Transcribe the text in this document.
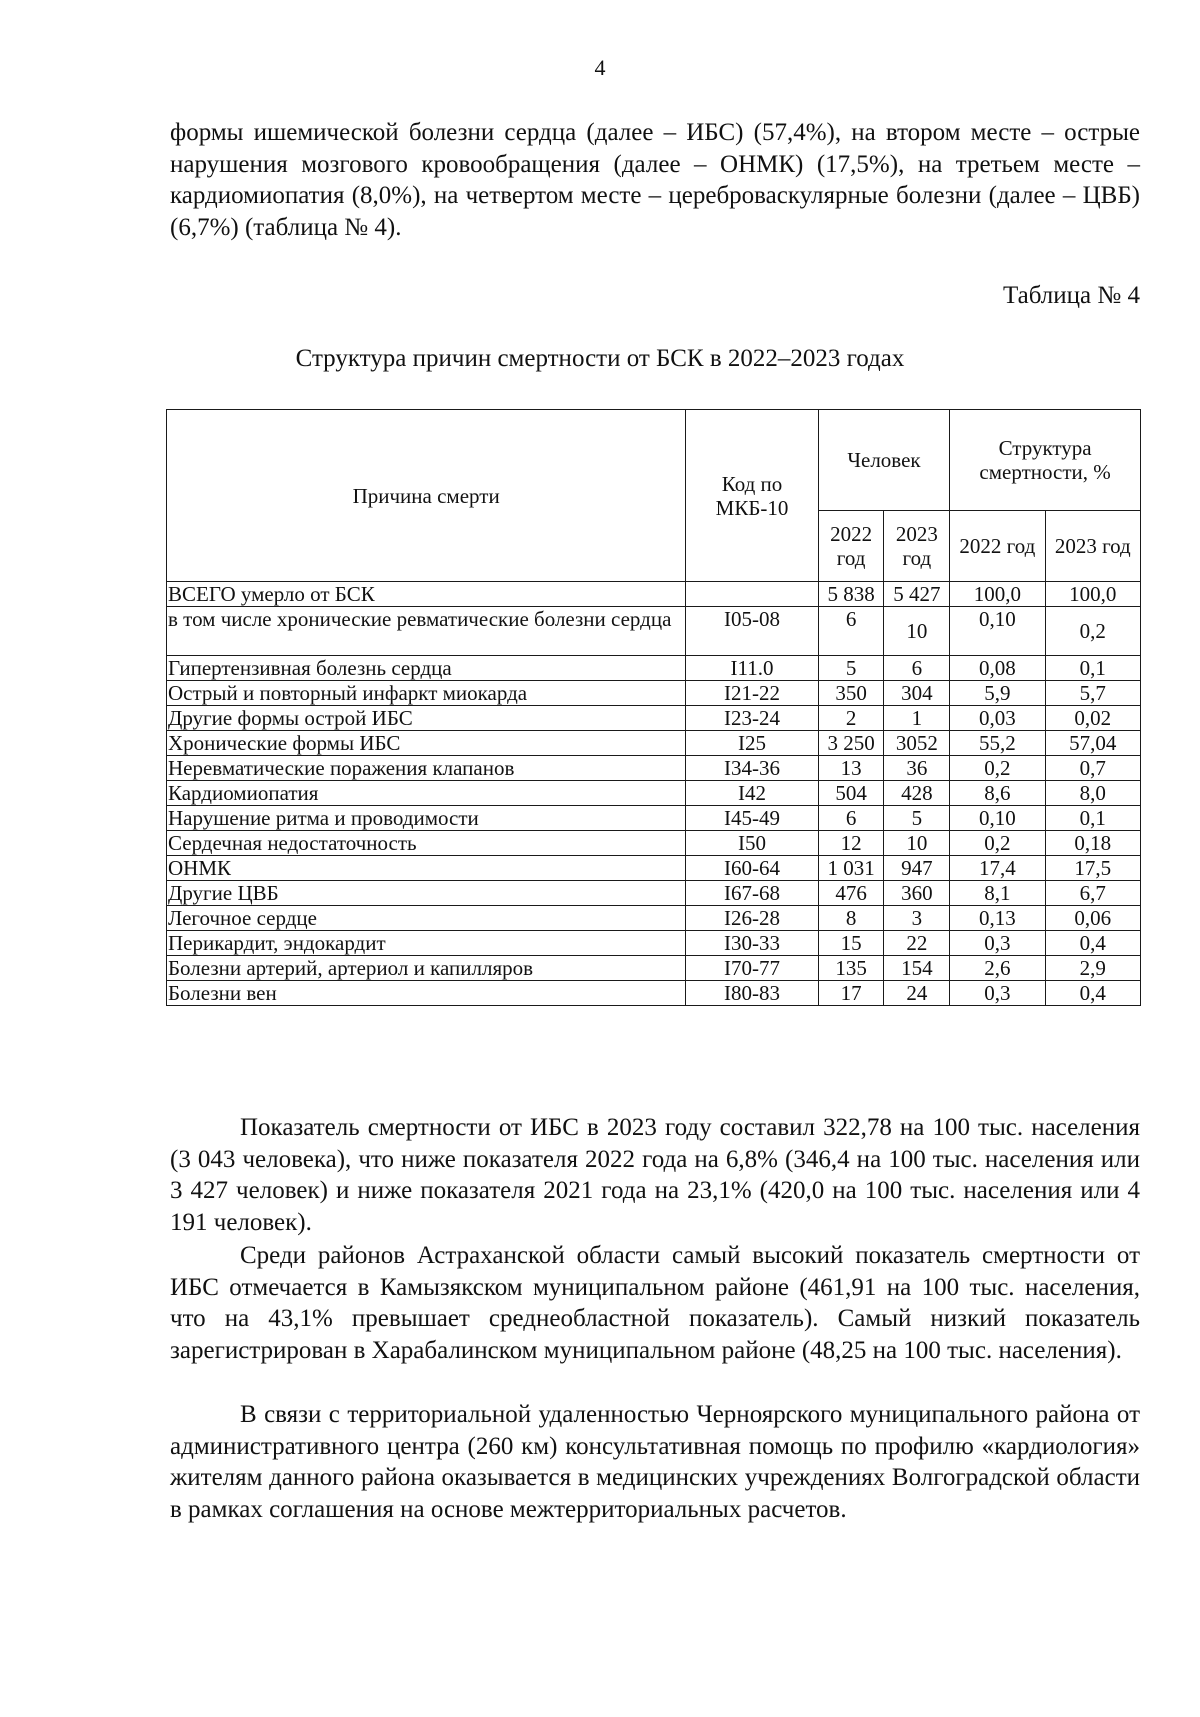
4

формы ишемической болезни сердца (далее – ИБС) (57,4%), на втором месте – острые нарушения мозгового кровообращения (далее – ОНМК) (17,5%), на третьем месте – кардиомиопатия (8,0%), на четвертом месте – цереброваскулярные болезни (далее – ЦВБ) (6,7%) (таблица № 4).

Таблица № 4
Структура причин смертности от БСК в 2022–2023 годах
Причина смерти	Код по МКБ-10	Человек		Структура смертности, %	
		2022 год	2023 год	2022 год	2023 год
ВСЕГО умерло от БСК		5 838	5 427	100,0	100,0
в том числе хронические ревматические болезни сердца	I05-08	6	10	0,10	0,2
Гипертензивная болезнь сердца	I11.0	5	6	0,08	0,1
Острый и повторный инфаркт миокарда	I21-22	350	304	5,9	5,7
Другие формы острой ИБС	I23-24	2	1	0,03	0,02
Хронические формы ИБС	I25	3 250	3052	55,2	57,04
Неревматические поражения клапанов	I34-36	13	36	0,2	0,7
Кардиомиопатия	I42	504	428	8,6	8,0
Нарушение ритма и проводимости	I45-49	6	5	0,10	0,1
Сердечная недостаточность	I50	12	10	0,2	0,18
ОНМК	I60-64	1 031	947	17,4	17,5
Другие ЦВБ	I67-68	476	360	8,1	6,7
Легочное сердце	I26-28	8	3	0,13	0,06
Перикардит, эндокардит	I30-33	15	22	0,3	0,4
Болезни артерий, артериол и капилляров	I70-77	135	154	2,6	2,9
Болезни вен	I80-83	17	24	0,3	0,4

Показатель смертности от ИБС в 2023 году составил 322,78 на 100 тыс. населения (3 043 человека), что ниже показателя 2022 года на 6,8% (346,4 на 100 тыс. населения или 3 427 человек) и ниже показателя 2021 года на 23,1% (420,0 на 100 тыс. населения или 4 191 человек).

Среди районов Астраханской области самый высокий показатель смертности от ИБС отмечается в Камызякском муниципальном районе (461,91 на 100 тыс. населения, что на 43,1% превышает среднеобластной показатель). Самый низкий показатель зарегистрирован в Харабалинском муниципальном районе (48,25 на 100 тыс. населения).

В связи с территориальной удаленностью Черноярского муниципального района от административного центра (260 км) консультативная помощь по профилю «кардиология» жителям данного района оказывается в медицинских учреждениях Волгоградской области в рамках соглашения на основе межтерриториальных расчетов.
